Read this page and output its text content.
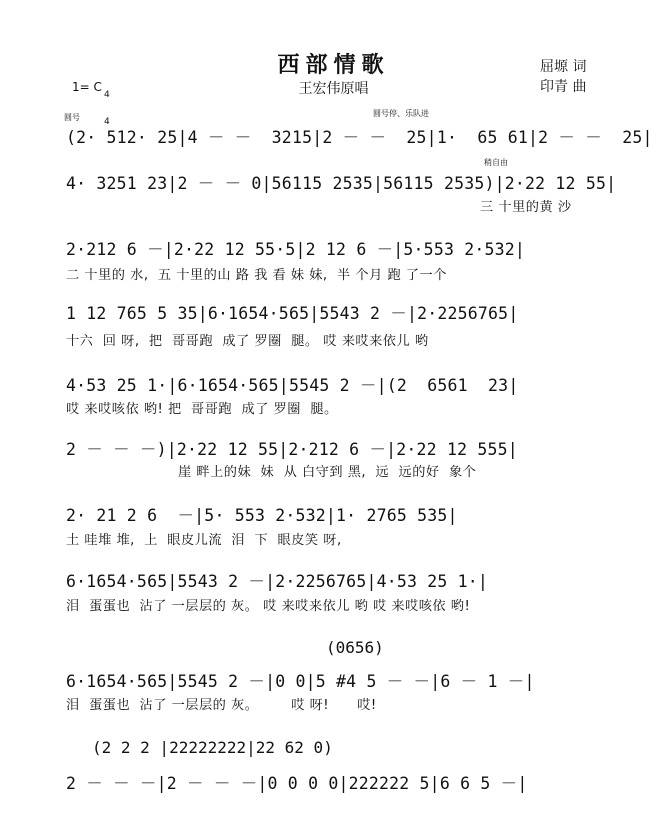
西部情歌
王宏伟原唱
屈塬 词
印青 曲
1= C

4

4

圆号	圆号停、乐队进
稍自由
(2· 512· 25|4 － －  3215|2 － －  25|1·  65 61|2 － －  25|
4· 3251 23|2 － － 0|56115 2535|56115 2535)|2·22 12 55|
三 十里的黄 沙
2·212 6 －|2·22 12 55·5|2 12 6 －|5·553 2·532|
二 十里的 水,  五 十里的山 路 我 看 妹 妹,  半 个月 跑 了一个
1 12 765 5 35|6·1654·565|5543 2 －|2·2256765|
十六  回 呀,  把  哥哥跑  成了 罗圈  腿。 哎 来哎来依儿 哟
4·53 25 1·|6·1654·565|5545 2 －|(2  6561  23|
哎 来哎咳依 哟! 把  哥哥跑  成了 罗圈  腿。
2 － － －)|2·22 12 55|2·212 6 －|2·22 12 555|
崖 畔上的妹  妹  从 白守到 黑,  远  远的好  象个
2· 21 2 6  －|5· 553 2·532|1· 2765 535|
土 哇堆 堆,  上  眼皮儿流  泪  下  眼皮笑 呀,
6·1654·565|5543 2 －|2·2256765|4·53 25 1·|
泪  蛋蛋也  沾了 一层层的 灰。 哎 来哎来依儿 哟 哎 来哎咳依 哟!
(0656)
6·1654·565|5545 2 －|0 0|5 #4 5 － －|6 － 1 －|
泪  蛋蛋也  沾了 一层层的 灰。       哎 呀!      哎!
(2 2 2 |22222222|22 62 0)
2 － － －|2 － － －|0 0 0 0|222222 5|6 6 5 －|
